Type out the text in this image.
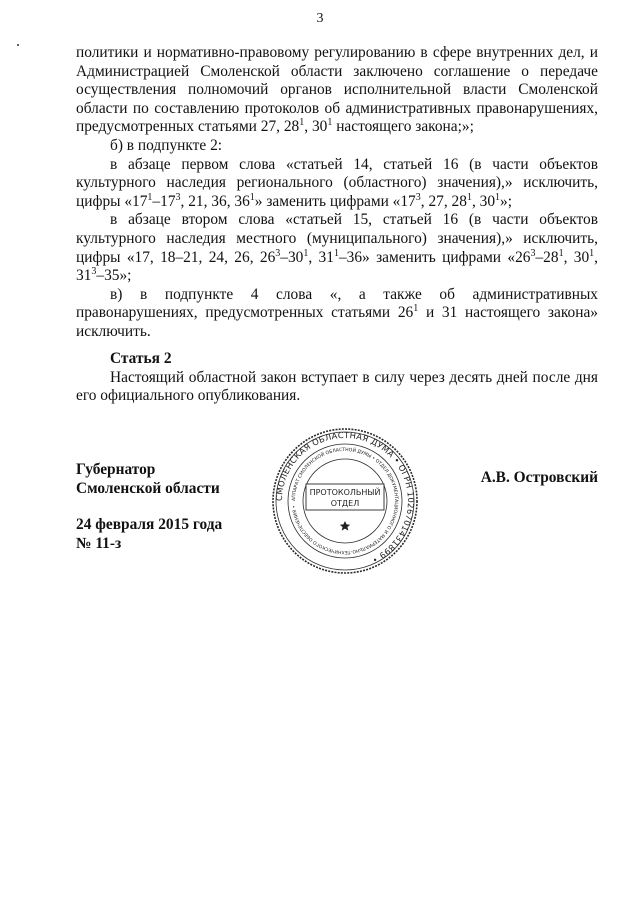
3

политики и нормативно-правовому регулированию в сфере внутренних дел, и Администрацией Смоленской области заключено соглашение о передаче осуществления полномочий органов исполнительной власти Смоленской области по составлению протоколов об административных правонарушениях, предусмотренных статьями 27, $28^1$, $30^1$ настоящего закона;»;

б) в подпункте 2:

в абзаце первом слова «статьей 14, статьей 16 (в части объектов культурного наследия регионального (областного) значения),» исключить, цифры «$17^1-17^3$, 21, 36, $36^1$» заменить цифрами «$17^3$, 27, $28^1$, $30^1$»;

в абзаце втором слова «статьей 15, статьей 16 (в части объектов культурного наследия местного (муниципального) значения),» исключить, цифры «17, 18–21, 24, 26, $26^3-30^1$, $31^1-36$» заменить цифрами «$26^3-28^1$, $30^1$, $31^3-35$»;

в) в подпункте 4 слова «, а также об административных правонарушениях, предусмотренных статьями $26^1$ и 31 настоящего закона» исключить.

Статья 2

Настоящий областной закон вступает в силу через десять дней после дня его официального опубликования.

Губернатор
Смоленской области
24 февраля 2015 года
№ 11-з
А.В. Островский
СМОЛЕНСКАЯ ОБЛАСТНАЯ ДУМА • ОГРН 1026701431899 •
АППАРАТ СМОЛЕНСКОЙ ОБЛАСТНОЙ ДУМЫ • ОТДЕЛ ДОКУМЕНТАЦИОННОГО И МАТЕРИАЛЬНО-ТЕХНИЧЕСКОГО ОБЕСПЕЧЕНИЯ •
ПРОТОКОЛЬНЫЙ
ОТДЕЛ
